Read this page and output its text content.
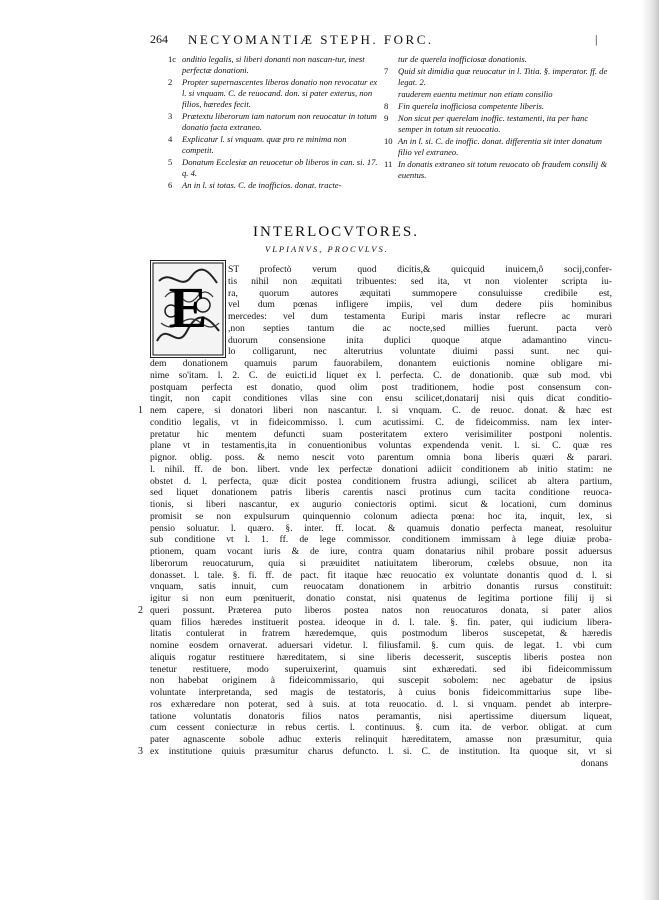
264 NECYOMANTIÆ STEPH. FORC.	|
1c onditio legalis, si liberi donanti non nascan-tur, inest perfectæ donationi.
2 Propter supernascentes liberos donatio non revocatur ex l. si vnquam. C. de reuocand. don. si pater exterus, non filios, hæredes fecit.
3 Prætextu liberorum iam natorum non reuocatur in totum donatio facta extraneo.
4 Explicatur l. si vnquam. quæ pro re minima non competit.
5 Donatum Ecclesiæ an reuocetur ob liberos in can. si. 17. q. 4.
6 An in l. si totas. C. de inofficios. donat. tracte-
tur de querela inofficiosæ donationis.
7 Quid sit dimidia quæ reuocatur in l. Titia. §. imperator. ff. de legat. 2.
rauderem euentu metimur non etiam consilio
8 Fin querela inofficiosa competente liberis.
9 Non sicut per querelam inoffic. testamenti, ita per hanc semper in totum sit reuocatio.
10 An in l. si. C. de inoffic. donat. differentia sit inter donatum filio vel extraneo.
11 In donatis extraneo sit totum reuocato ob fraudem consilij & euentus.
INTERLOCVTORES.
VLPIANVS, PROCVLVS.
E
ST profectò verum quod dicitis,& quicquid inuicem,ô socij,confer-
tis nihil non æquitati tribuentes: sed ita, vt non violenter scripta iu-
ra, quorum autores æquitati summopere consuluisse credibile est,
vel dum pœnas infligere impiis, vel dum dedere piis hominibus
mercedes: vel dum testamenta Euripi maris instar reflecre ac murari
,non septies tantum die ac nocte,sed millies fuerunt. pacta verò
duorum consensione inita duplici quoque atque adamantino vincu-
lo colligarunt, nec alterutrius voluntate diuimi passi sunt. nec qui-
dem donationem quamuis parum fauorabilem, donantem euictionis nomine obligare mi-
nime so'itam. l. 2. C. de euicti.id liquet ex l. perfecta. C. de donationib. quæ sub mod. vbi
postquam perfecta est donatio, quod olim post traditionem, hodie post consensum con-
tingit, non capit conditiones vllas sine con ensu scilicet,donatarij nisi quis dicat conditio-
nem capere, si donatori liberi non nascantur. l. si vnquam. C. de reuoc. donat. & hæc est
conditio legalis, vt in fideicommisso. l. cum acutissimi. C. de fideicommiss. nam lex inter-
pretatur hic mentem defuncti suam posteritatem extero verisimiliter postponi nolentis.
plane vt in testamentis,ita in conuentionibus voluntas expendenda venit. l. si. C. quæ res
pignor. oblig. poss. & nemo nescit voto parentum omnia bona liberis quæri & parari.
l. nihil. ff. de bon. libert. vnde lex perfectæ donationi adiicit conditionem ab initio statim: ne
obstet d. l. perfecta, quæ dicit postea conditionem frustra adiungi, scilicet ab altera partium,
sed liquet donationem patris liberis carentis nasci protinus cum tacita conditione reuoca-
tionis, si liberi nascantur, ex augurio coniectoris optimi. sicut & locationi, cum dominus
promisit se non expulsurum quinquennio colonum adiecta pœna: hoc ita, inquit, lex, si
pensio soluatur. l. quæro. §. inter. ff. locat. & quamuis donatio perfecta maneat, resoluitur
sub conditione vt l. 1. ff. de lege commissor. conditionem immissam à lege diuiæ proba-
ptionem, quam vocant iuris & de iure, contra quam donatarius nihil probare possit aduersus
liberorum reuocaturum, quia si præuiditet natiuitatem liberorum, cœlebs obsuue, non ita
donasset. l. tale. §. fi. ff. de pact. fit itaque hæc reuocatio ex voluntate donantis quod d. l. si
vnquam, satis innuit, cum reuocatam donationem in arbitrio donantis rursus constituit:
igitur si non eum pœnituerit, donatio constat, nisi quatenus de legitima portione filij ij si
queri possunt. Præterea puto liberos postea natos non reuocaturos donata, si pater alios
quam filios hæredes instituerit postea. ideoque in d. l. tale. §. fin. pater, qui iudicium libera-
litatis contulerat in fratrem hæredemque, quis postmodum liberos suscepetat, & hæredis
nomine eosdem ornaverat. aduersari videtur. l. filiusfamil. §. cum quis. de legat. 1. vbi cum
aliquis rogatur restituere hæreditatem, si sine liberis decesserit, susceptis liberis postea non
tenetur restituere, modo superuixerint, quamuis sint exhæredati. sed ibi fideicommissum
non habebat originem à fideicommissario, qui suscepit sobolem: nec agebatur de ipsius
voluntate interpretanda, sed magis de testatoris, à cuius bonis fideicommittarius supe libe-
ros exhæredare non poterat, sed à suis. at tota reuocatio. d. l. si vnquam. pendet ab interpre-
tatione voluntatis donatoris filios natos peramantis, nisi apertissime diuersum liqueat,
cum cessent coniecturæ in rebus certis. l. continuus. §. cum ita. de verbor. obligat. at cum
pater agnascente sobole adhuc exteris relinquit hæreditatem, amasse non præsumitur, quia
ex institutione quiuis præsumitur charus defuncto. l. si. C. de institution. Ita quoque sit, vt si
donans
1
2
3
